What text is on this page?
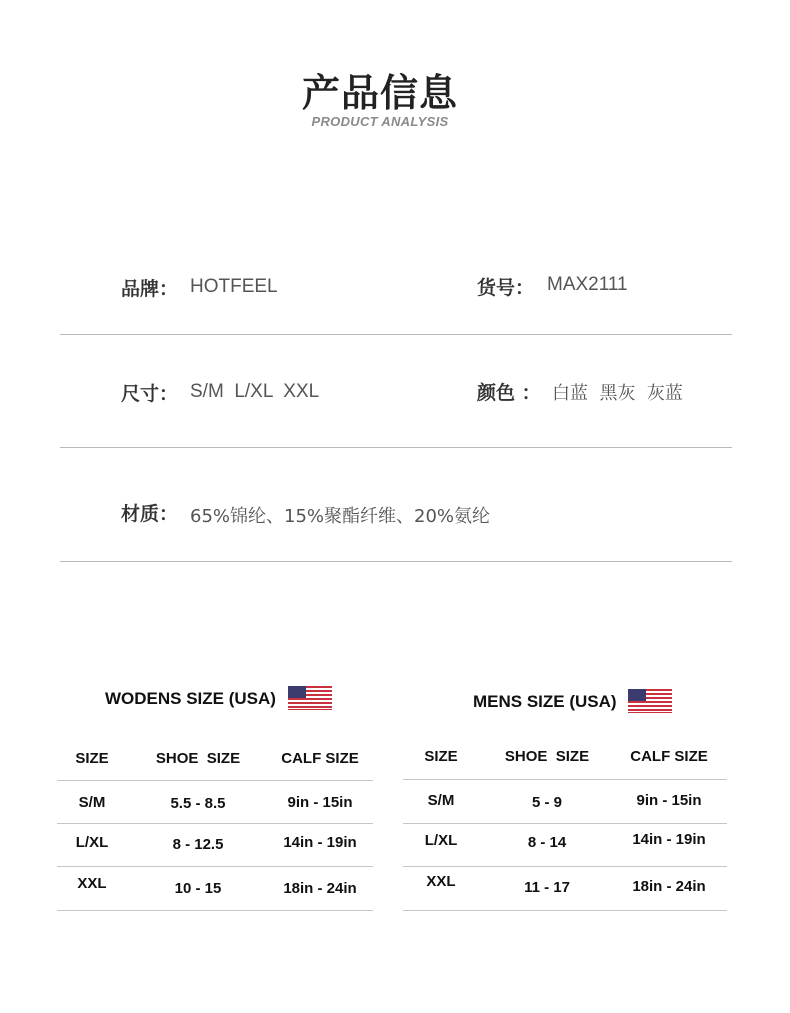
产品信息
PRODUCT ANALYSIS
品牌： HOTFEEL	货号： MAX2111
尺寸： S/M  L/XL  XXL	颜色 ： 白蓝  黑灰  灰蓝
材质： 65%锦纶、15%聚酯纤维、20%氨纶
WODENS SIZE (USA)
SIZE	SHOE  SIZE	CALF SIZE
S/M	5.5 - 8.5	9in - 15in
L/XL	8 - 12.5	14in - 19in
XXL	10 - 15	18in - 24in
MENS SIZE (USA)
SIZE	SHOE  SIZE	CALF SIZE
S/M	5 - 9	9in - 15in
L/XL	8 - 14	14in - 19in
XXL	11 - 17	18in - 24in
